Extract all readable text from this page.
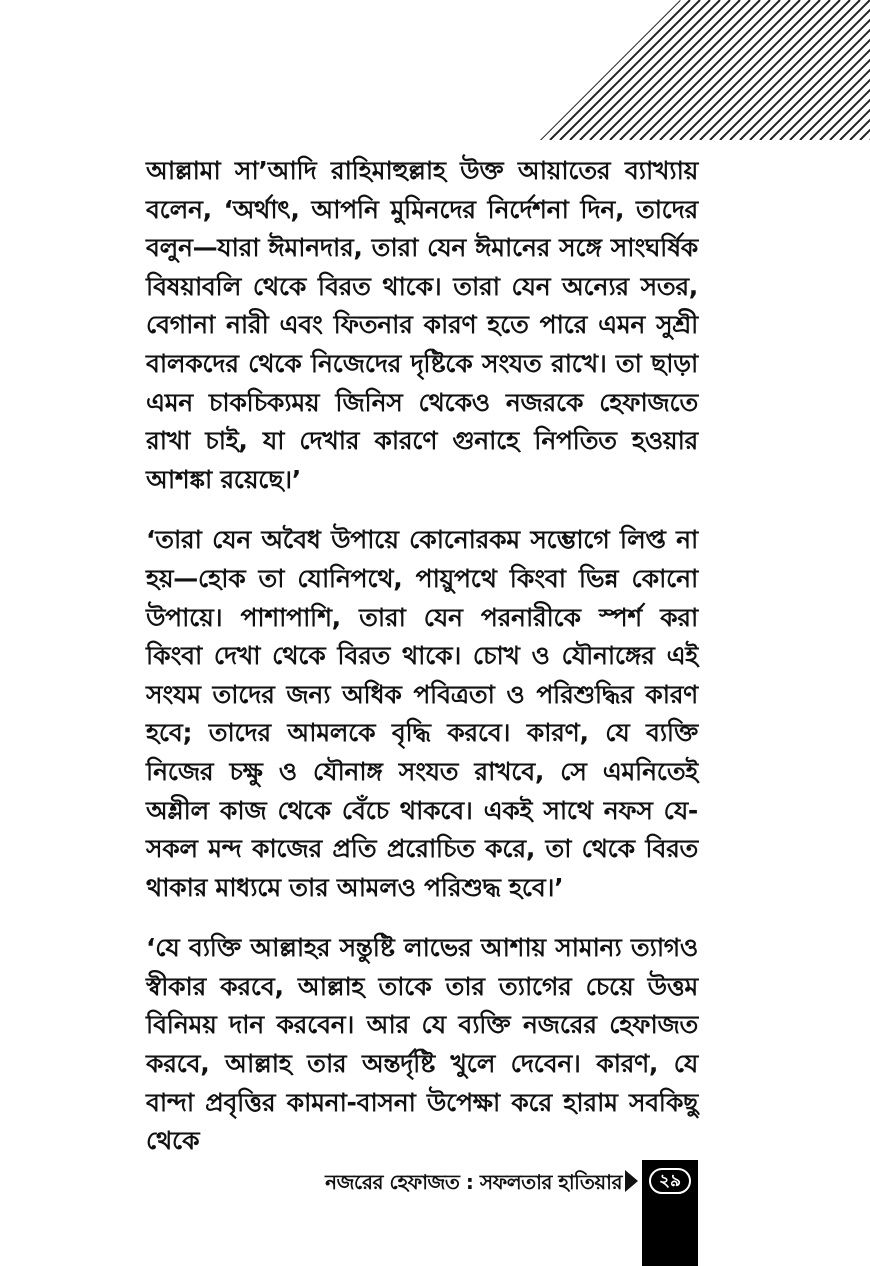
আল্লামা সা’আদি রাহিমাহুল্লাহ উক্ত আয়াতের ব্যাখ্যায় বলেন, ‘অর্থাৎ, আপনি মুমিনদের নির্দেশনা দিন, তাদের বলুন—যারা ঈমানদার, তারা যেন ঈমানের সঙ্গে সাংঘর্ষিক বিষয়াবলি থেকে বিরত থাকে। তারা যেন অন্যের সতর, বেগানা নারী এবং ফিতনার কারণ হতে পারে এমন সুশ্রী বালকদের থেকে নিজেদের দৃষ্টিকে সংযত রাখে। তা ছাড়া এমন চাকচিক্যময় জিনিস থেকেও নজরকে হেফাজতে রাখা চাই, যা দেখার কারণে গুনাহে নিপতিত হওয়ার আশঙ্কা রয়েছে।’

‘তারা যেন অবৈধ উপায়ে কোনোরকম সম্ভোগে লিপ্ত না হয়—হোক তা যোনিপথে, পায়ুপথে কিংবা ভিন্ন কোনো উপায়ে। পাশাপাশি, তারা যেন পরনারীকে স্পর্শ করা কিংবা দেখা থেকে বিরত থাকে। চোখ ও যৌনাঙ্গের এই সংযম তাদের জন্য অধিক পবিত্রতা ও পরিশুদ্ধির কারণ হবে; তাদের আমলকে বৃদ্ধি করবে। কারণ, যে ব্যক্তি নিজের চক্ষু ও যৌনাঙ্গ সংযত রাখবে, সে এমনিতেই অশ্লীল কাজ থেকে বেঁচে থাকবে। একই সাথে নফস যে-সকল মন্দ কাজের প্রতি প্ররোচিত করে, তা থেকে বিরত থাকার মাধ্যমে তার আমলও পরিশুদ্ধ হবে।’

‘যে ব্যক্তি আল্লাহর সন্তুষ্টি লাভের আশায় সামান্য ত্যাগও স্বীকার করবে, আল্লাহ তাকে তার ত্যাগের চেয়ে উত্তম বিনিময় দান করবেন। আর যে ব্যক্তি নজরের হেফাজত করবে, আল্লাহ তার অন্তর্দৃষ্টি খুলে দেবেন। কারণ, যে বান্দা প্রবৃত্তির কামনা-বাসনা উপেক্ষা করে হারাম সবকিছু থেকে

নজরের হেফাজত : সফলতার হাতিয়ার	২৯
